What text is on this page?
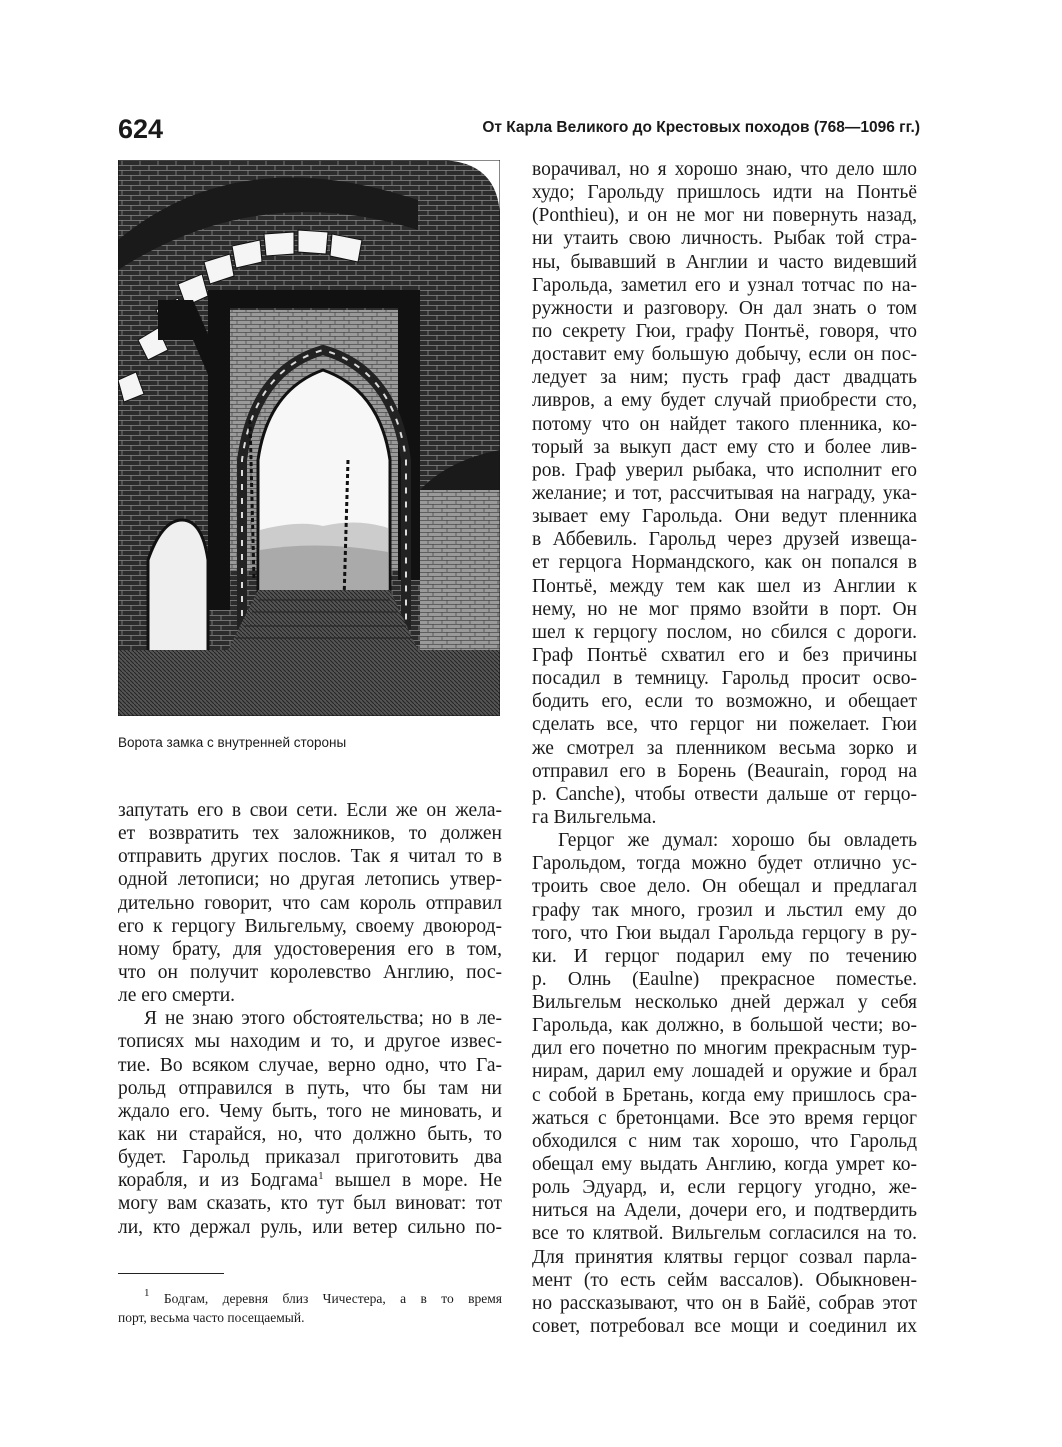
624	От Карла Великого до Крестовых походов (768—1096 гг.)
Ворота замка с внутренней стороны
запутать его в свои сети. Если же он жела-
ет возвратить тех заложников, то должен
отправить других послов. Так я читал то в
одной летописи; но другая летопись утвер-
дительно говорит, что сам король отправил
его к герцогу Вильгельму, своему двоюрод-
ному брату, для удостоверения его в том,
что он получит королевство Англию, пос-
ле его смерти.
Я не знаю этого обстоятельства; но в ле-
тописях мы находим и то, и другое извес-
тие. Во всяком случае, верно одно, что Га-
рольд отправился в путь, что бы там ни
ждало его. Чему быть, того не миновать, и
как ни старайся, но, что должно быть, то
будет. Гарольд приказал приготовить два
корабля, и из Бодгама$^1$ вышел в море. Не
могу вам сказать, кто тут был виноват: тот
ли, кто держал руль, или ветер сильно по-
$^1$ Бодгам, деревня близ Чичестера, а в то время
порт, весьма часто посещаемый.
ворачивал, но я хорошо знаю, что дело шло
худо; Гарольду пришлось идти на Понтьё
(Ponthieu), и он не мог ни повернуть назад,
ни утаить свою личность. Рыбак той стра-
ны, бывавший в Англии и часто видевший
Гарольда, заметил его и узнал тотчас по на-
ружности и разговору. Он дал знать о том
по секрету Гюи, графу Понтьё, говоря, что
доставит ему большую добычу, если он пос-
ледует за ним; пусть граф даст двадцать
ливров, а ему будет случай приобрести сто,
потому что он найдет такого пленника, ко-
торый за выкуп даст ему сто и более лив-
ров. Граф уверил рыбака, что исполнит его
желание; и тот, рассчитывая на награду, ука-
зывает ему Гарольда. Они ведут пленника
в Аббевиль. Гарольд через друзей извеща-
ет герцога Нормандского, как он попался в
Понтьё, между тем как шел из Англии к
нему, но не мог прямо взойти в порт. Он
шел к герцогу послом, но сбился с дороги.
Граф Понтьё схватил его и без причины
посадил в темницу. Гарольд просит осво-
бодить его, если то возможно, и обещает
сделать все, что герцог ни пожелает. Гюи
же смотрел за пленником весьма зорко и
отправил его в Борень (Beaurain, город на
р. Canche), чтобы отвести дальше от герцо-
га Вильгельма.
Герцог же думал: хорошо бы овладеть
Гарольдом, тогда можно будет отлично ус-
троить свое дело. Он обещал и предлагал
графу так много, грозил и льстил ему до
того, что Гюи выдал Гарольда герцогу в ру-
ки. И герцог подарил ему по течению
р. Олнь (Eaulne) прекрасное поместье.
Вильгельм несколько дней держал у себя
Гарольда, как должно, в большой чести; во-
дил его почетно по многим прекрасным тур-
нирам, дарил ему лошадей и оружие и брал
с собой в Бретань, когда ему пришлось сра-
жаться с бретонцами. Все это время герцог
обходился с ним так хорошо, что Гарольд
обещал ему выдать Англию, когда умрет ко-
роль Эдуард, и, если герцогу угодно, же-
ниться на Адели, дочери его, и подтвердить
все то клятвой. Вильгельм согласился на то.
Для принятия клятвы герцог созвал парла-
мент (то есть сейм вассалов). Обыкновен-
но рассказывают, что он в Байё, собрав этот
совет, потребовал все мощи и соединил их
